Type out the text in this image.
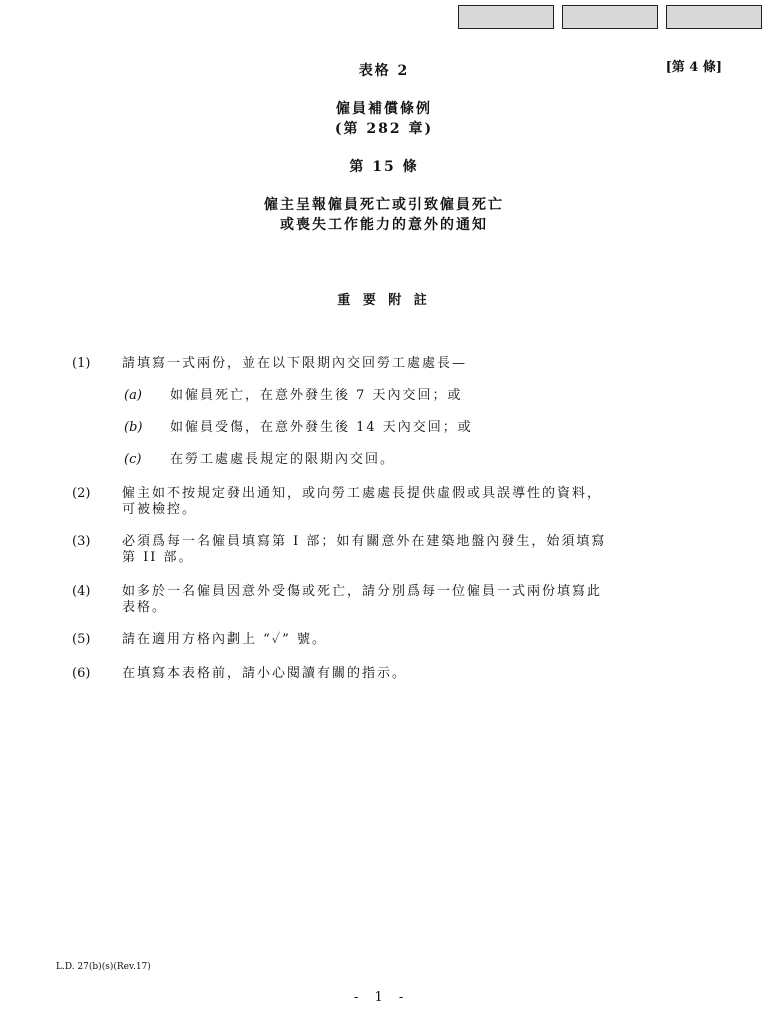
[第 4 條]
表格 2
僱員補償條例
(第 282 章)
第 15 條
僱主呈報僱員死亡或引致僱員死亡
或喪失工作能力的意外的通知
重 要 附 註
(1)	請填寫一式兩份，並在以下限期內交回勞工處處長—
(a) 如僱員死亡，在意外發生後 7 天內交回；或
(b) 如僱員受傷，在意外發生後 14 天內交回；或
(c) 在勞工處處長規定的限期內交回。
(2)	僱主如不按規定發出通知，或向勞工處處長提供虛假或具誤導性的資料，
可被檢控。
(3)	必須爲每一名僱員填寫第 I 部；如有關意外在建築地盤內發生，始須填寫
第 II 部。
(4)	如多於一名僱員因意外受傷或死亡，請分別爲每一位僱員一式兩份填寫此
表格。
(5)	請在適用方格內劃上 “✓” 號。
(6)	在填寫本表格前，請小心閱讀有關的指示。
L.D. 27(b)(s)(Rev.17)
- 1 -
